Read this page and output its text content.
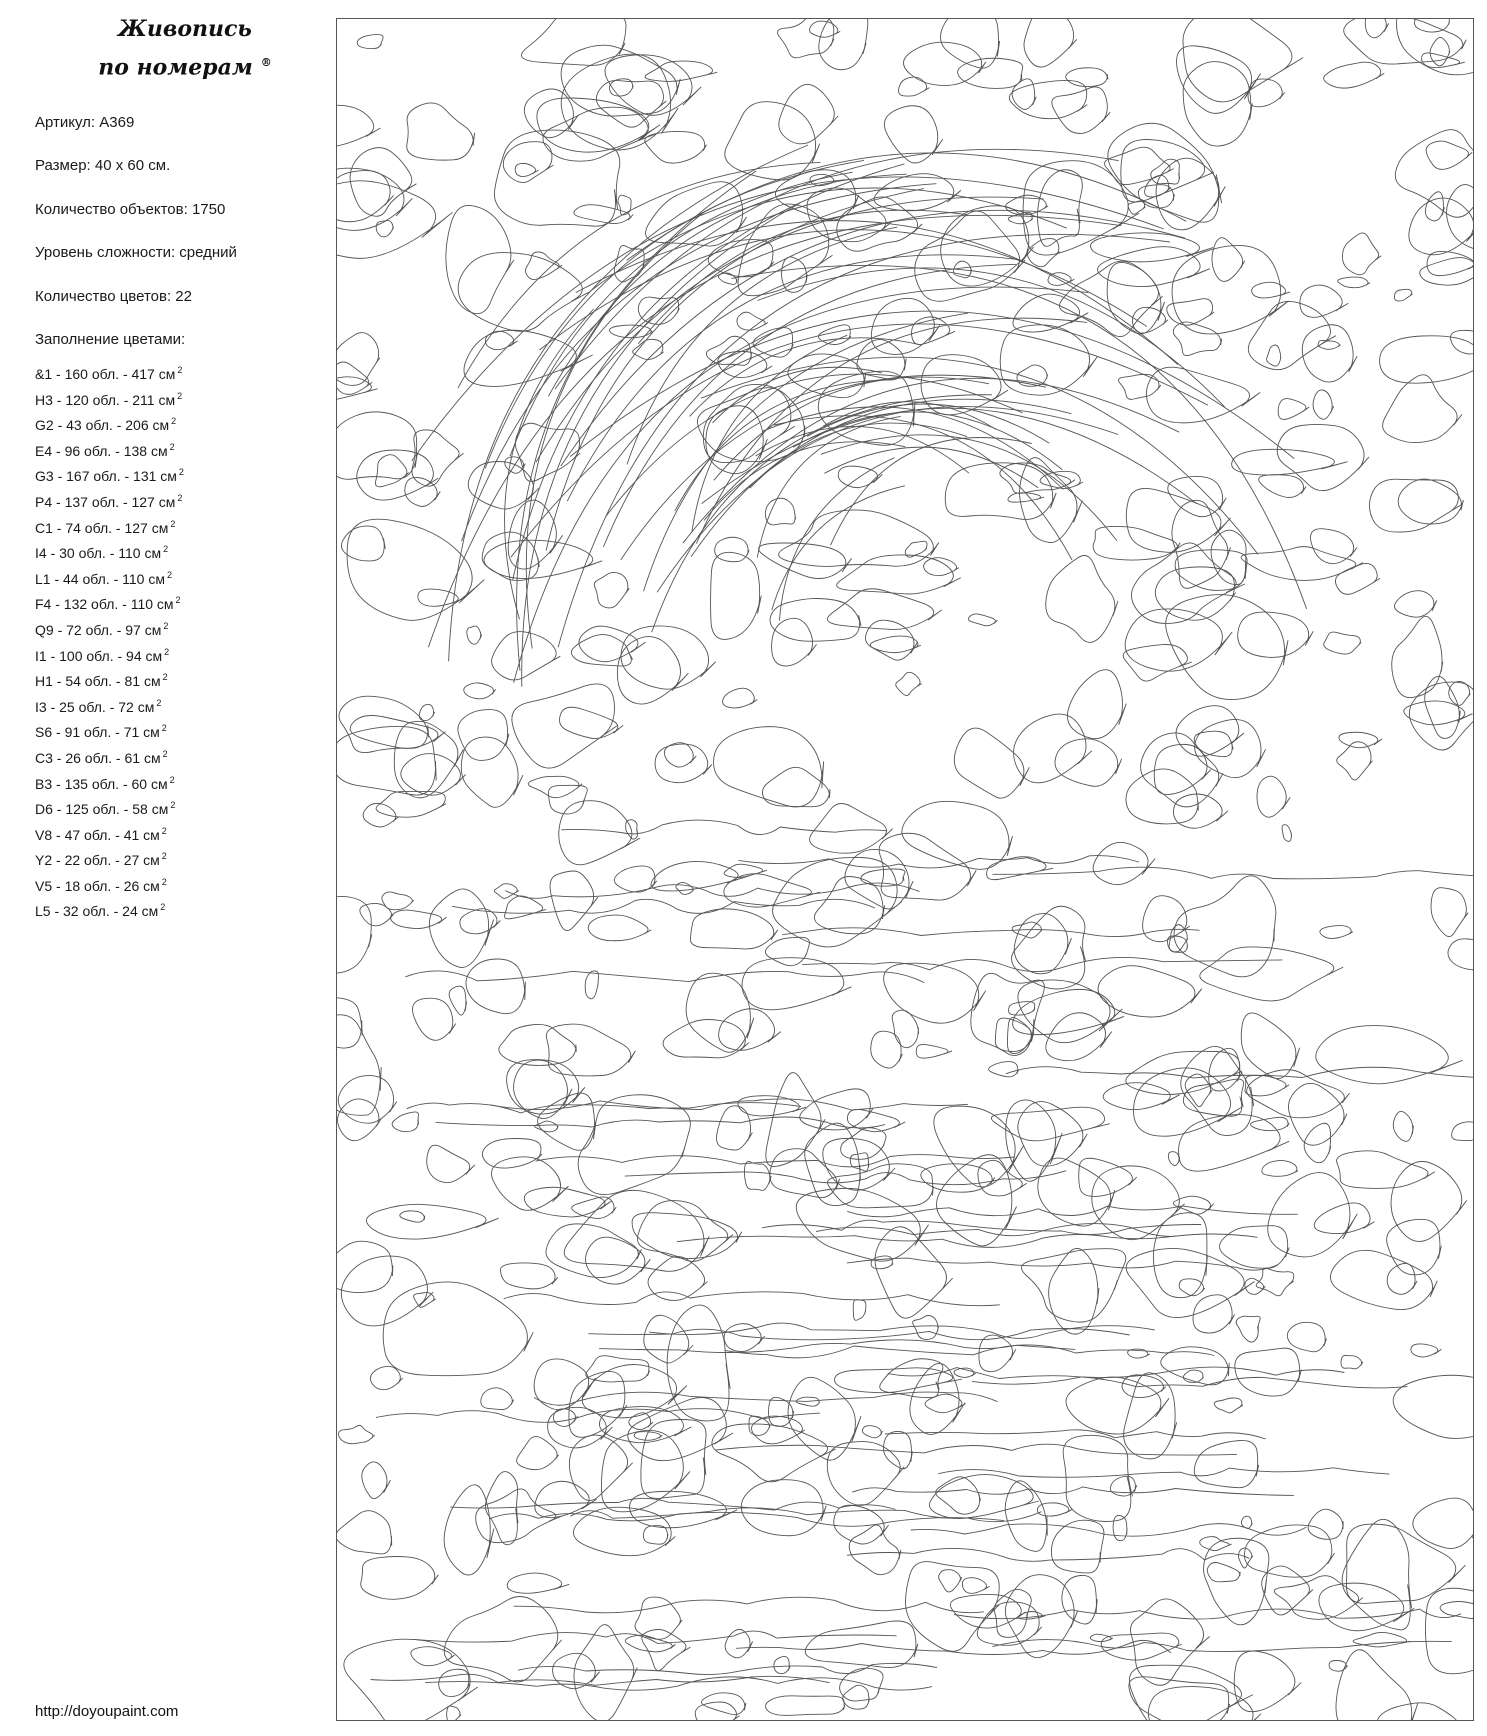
Живопись
по номерам ®
Артикул: A369
Размер: 40 х 60 см.
Количество объектов: 1750
Уровень сложности: средний
Количество цветов: 22
Заполнение цветами:
&1 - 160 обл. - 417 см $^2$
H3 - 120 обл. - 211 см $^2$
G2 - 43 обл. - 206 см $^2$
E4 - 96 обл. - 138 см $^2$
G3 - 167 обл. - 131 см $^2$
P4 - 137 обл. - 127 см $^2$
C1 - 74 обл. - 127 см $^2$
I4 - 30 обл. - 110 см $^2$
L1 - 44 обл. - 110 см $^2$
F4 - 132 обл. - 110 см $^2$
Q9 - 72 обл. - 97 см $^2$
I1 - 100 обл. - 94 см $^2$
H1 - 54 обл. - 81 см $^2$
I3 - 25 обл. - 72 см $^2$
S6 - 91 обл. - 71 см $^2$
C3 - 26 обл. - 61 см $^2$
B3 - 135 обл. - 60 см $^2$
D6 - 125 обл. - 58 см $^2$
V8 - 47 обл. - 41 см $^2$
Y2 - 22 обл. - 27 см $^2$
V5 - 18 обл. - 26 см $^2$
L5 - 32 обл. - 24 см $^2$
http://doyoupaint.com
